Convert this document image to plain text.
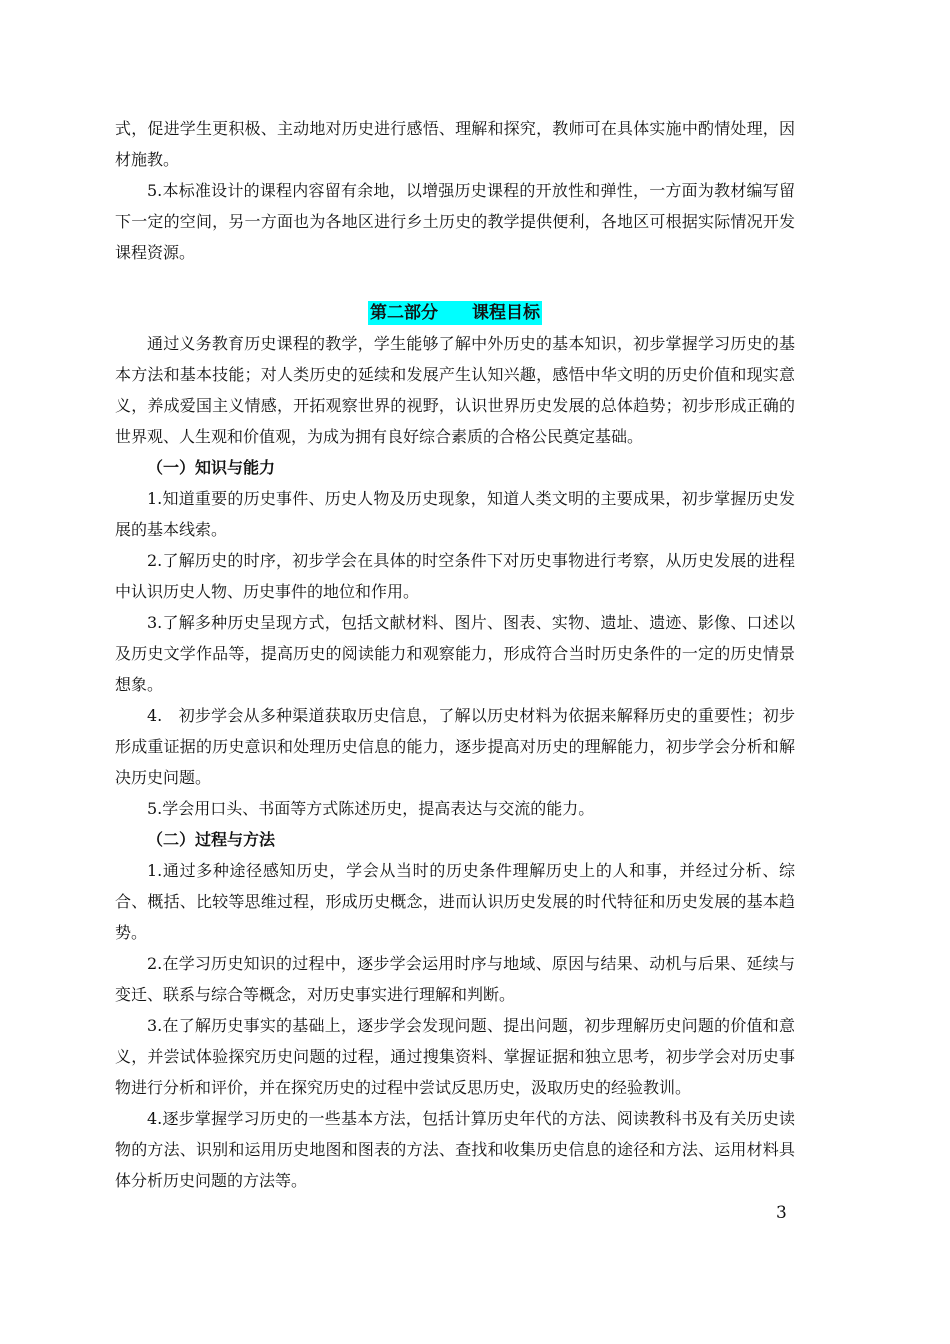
式，促进学生更积极、主动地对历史进行感悟、理解和探究，教师可在具体实施中酌情处理，因材施教。

5.本标准设计的课程内容留有余地，以增强历史课程的开放性和弹性，一方面为教材编写留下一定的空间，另一方面也为各地区进行乡土历史的教学提供便利，各地区可根据实际情况开发课程资源。

第二部分　　课程目标

通过义务教育历史课程的教学，学生能够了解中外历史的基本知识，初步掌握学习历史的基本方法和基本技能；对人类历史的延续和发展产生认知兴趣，感悟中华文明的历史价值和现实意义，养成爱国主义情感，开拓观察世界的视野，认识世界历史发展的总体趋势；初步形成正确的世界观、人生观和价值观，为成为拥有良好综合素质的合格公民奠定基础。

（一）知识与能力

1.知道重要的历史事件、历史人物及历史现象，知道人类文明的主要成果，初步掌握历史发展的基本线索。

2.了解历史的时序，初步学会在具体的时空条件下对历史事物进行考察，从历史发展的进程中认识历史人物、历史事件的地位和作用。

3.了解多种历史呈现方式，包括文献材料、图片、图表、实物、遗址、遗迹、影像、口述以及历史文学作品等，提高历史的阅读能力和观察能力，形成符合当时历史条件的一定的历史情景想象。

4.　初步学会从多种渠道获取历史信息，了解以历史材料为依据来解释历史的重要性；初步形成重证据的历史意识和处理历史信息的能力，逐步提高对历史的理解能力，初步学会分析和解决历史问题。

5.学会用口头、书面等方式陈述历史，提高表达与交流的能力。

（二）过程与方法

1.通过多种途径感知历史，学会从当时的历史条件理解历史上的人和事，并经过分析、综合、概括、比较等思维过程，形成历史概念，进而认识历史发展的时代特征和历史发展的基本趋势。

2.在学习历史知识的过程中，逐步学会运用时序与地域、原因与结果、动机与后果、延续与变迁、联系与综合等概念，对历史事实进行理解和判断。

3.在了解历史事实的基础上，逐步学会发现问题、提出问题，初步理解历史问题的价值和意义，并尝试体验探究历史问题的过程，通过搜集资料、掌握证据和独立思考，初步学会对历史事物进行分析和评价，并在探究历史的过程中尝试反思历史，汲取历史的经验教训。

4.逐步掌握学习历史的一些基本方法，包括计算历史年代的方法、阅读教科书及有关历史读物的方法、识别和运用历史地图和图表的方法、查找和收集历史信息的途径和方法、运用材料具体分析历史问题的方法等。

3
